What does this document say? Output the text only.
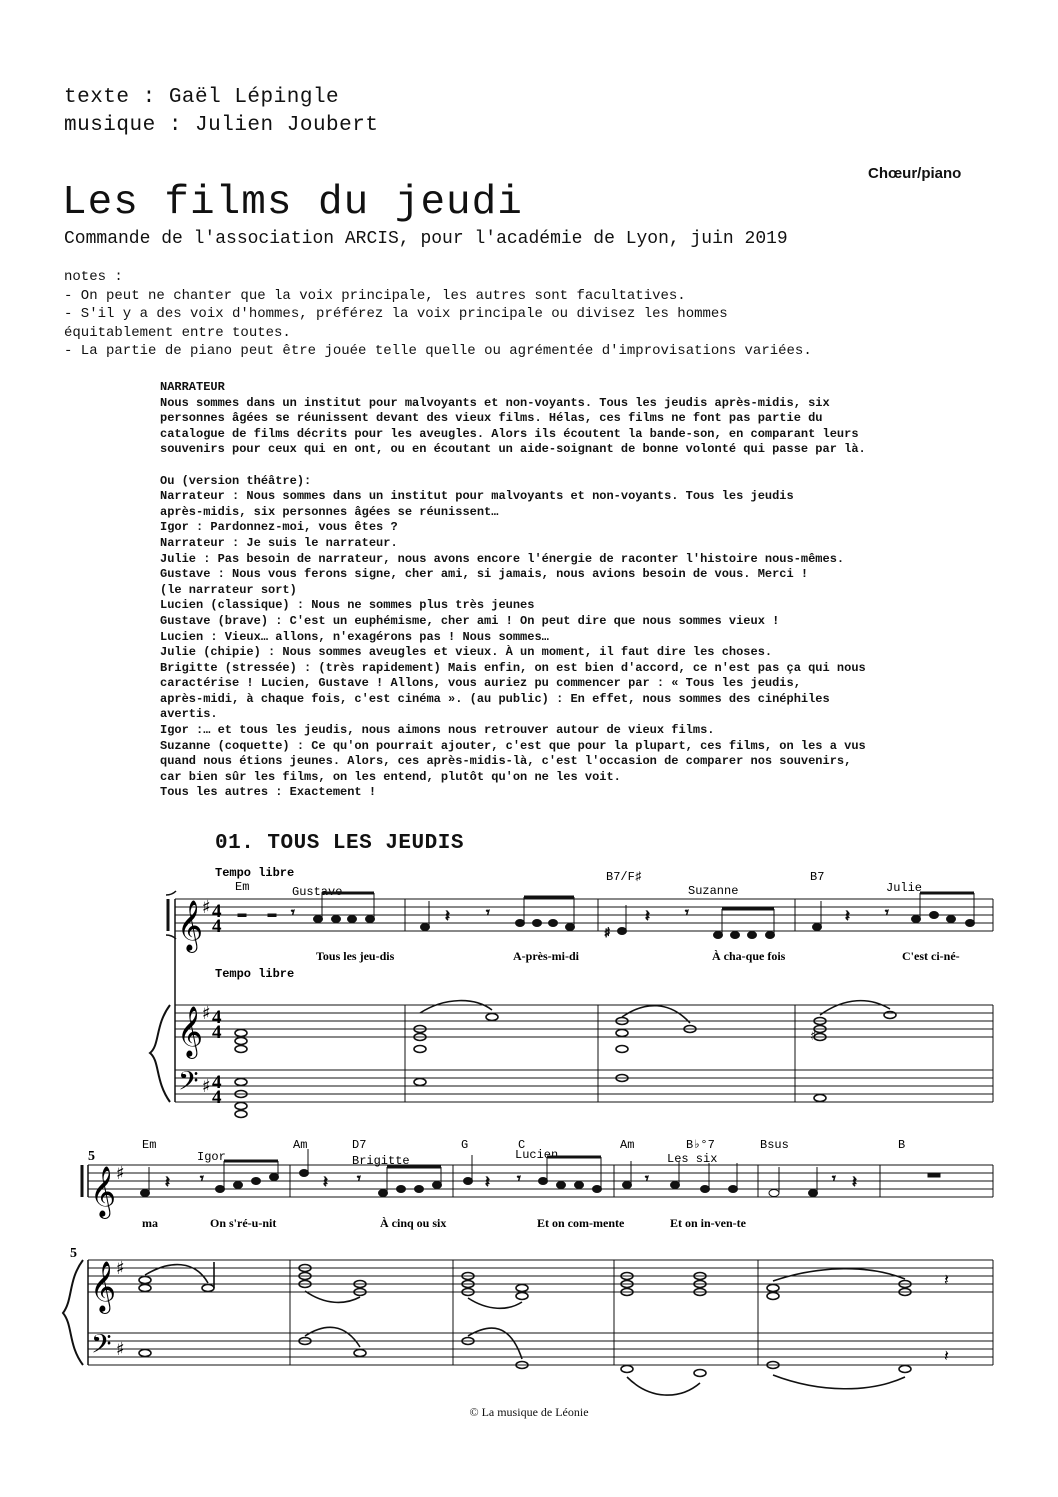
texte : Gaël Lépingle
musique : Julien Joubert
Chœur/piano
Les films du jeudi
Commande de l'association ARCIS, pour l'académie de Lyon, juin 2019
notes :
- On peut ne chanter que la voix principale, les autres sont facultatives.
- S'il y a des voix d'hommes, préférez la voix principale ou divisez les hommes
équitablement entre toutes.
- La partie de piano peut être jouée telle quelle ou agrémentée d'improvisations variées.
NARRATEUR
Nous sommes dans un institut pour malvoyants et non-voyants. Tous les jeudis après-midis, six
personnes âgées se réunissent devant des vieux films. Hélas, ces films ne font pas partie du
catalogue de films décrits pour les aveugles. Alors ils écoutent la bande-son, en comparant leurs
souvenirs pour ceux qui en ont, ou en écoutant un aide-soignant de bonne volonté qui passe par là.
Ou (version théâtre):
Narrateur : Nous sommes dans un institut pour malvoyants et non-voyants. Tous les jeudis
après-midis, six personnes âgées se réunissent…
Igor : Pardonnez-moi, vous êtes ?
Narrateur : Je suis le narrateur.
Julie : Pas besoin de narrateur, nous avons encore l'énergie de raconter l'histoire nous-mêmes.
Gustave : Nous vous ferons signe, cher ami, si jamais, nous avions besoin de vous. Merci !
(le narrateur sort)
Lucien (classique) : Nous ne sommes plus très jeunes
Gustave (brave) : C'est un euphémisme, cher ami ! On peut dire que nous sommes vieux !
Lucien : Vieux… allons, n'exagérons pas ! Nous sommes…
Julie (chipie) : Nous sommes aveugles et vieux. À un moment, il faut dire les choses.
Brigitte (stressée) : (très rapidement) Mais enfin, on est bien d'accord, ce n'est pas ça qui nous
caractérise ! Lucien, Gustave ! Allons, vous auriez pu commencer par : « Tous les jeudis,
après-midi, à chaque fois, c'est cinéma ». (au public) : En effet, nous sommes des cinéphiles
avertis.
Igor :… et tous les jeudis, nous aimons nous retrouver autour de vieux films.
Suzanne (coquette) : Ce qu'on pourrait ajouter, c'est que pour la plupart, ces films, on les a vus
quand nous étions jeunes. Alors, ces après-midis-là, c'est l'occasion de comparer nos souvenirs,
car bien sûr les films, on les entend, plutôt qu'on ne les voit.
Tous les autres : Exactement !
01. TOUS LES JEUDIS
𝄞
♯ 4
4
𝄞
♯ 4
4
𝄢 ♯ 4
4
Tempo libre
Tempo libre
Em
B7/F♯	B7
Gustave	Suzanne	Julie
𝄾	𝄽	𝄾
♯
𝄽	𝄾	𝄽	𝄾
Tous les jeu-dis	A-près-mi-di	À cha-que fois	C'est ci-né-
♯
5
5
𝄞 ♯
𝄞 ♯
𝄢 ♯
Em	Am	D7	G	C	Am	B♭°7	Bsus	B
Igor	Brigitte	Lucien	Les six
𝄽 𝄾	𝄽 𝄾	𝄽 𝄾	𝄾	𝄾 𝄽
ma	On s'ré-u-nit	À cinq ou six	Et on com-mente	Et on in-ven-te
𝄽
𝄽
© La musique de Léonie
